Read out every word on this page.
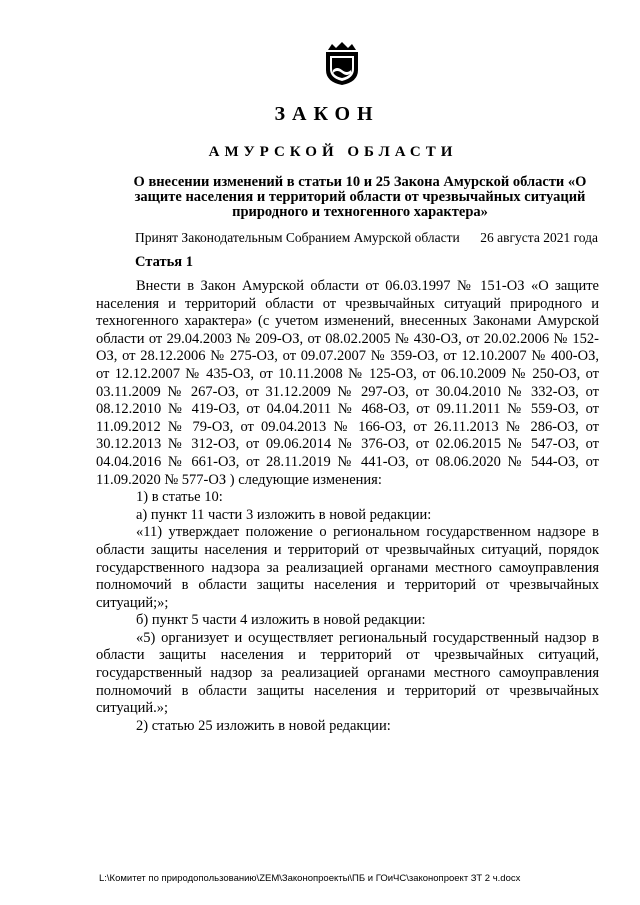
ЗАКОН
АМУРСКОЙ ОБЛАСТИ
О внесении изменений в статьи 10 и 25 Закона Амурской области «О защите населения и территорий области от чрезвычайных ситуаций природного и техногенного характера»
Принят Законодательным Собранием Амурской области 26 августа 2021 года
Статья 1

Внести в Закон Амурской области от 06.03.1997 № 151-ОЗ «О защите населения и территорий области от чрезвычайных ситуаций природного и техногенного характера» (с учетом изменений, внесенных Законами Амурской области от 29.04.2003 № 209-ОЗ, от 08.02.2005 № 430-ОЗ, от 20.02.2006 № 152-ОЗ, от 28.12.2006 № 275-ОЗ, от 09.07.2007 № 359-ОЗ, от 12.10.2007 № 400-ОЗ, от 12.12.2007 № 435-ОЗ, от 10.11.2008 № 125-ОЗ, от 06.10.2009 № 250-ОЗ, от 03.11.2009 № 267-ОЗ, от 31.12.2009 № 297-ОЗ, от 30.04.2010 № 332-ОЗ, от 08.12.2010 № 419-ОЗ, от 04.04.2011 № 468-ОЗ, от 09.11.2011 № 559-ОЗ, от 11.09.2012 № 79-ОЗ, от 09.04.2013 № 166-ОЗ, от 26.11.2013 № 286-ОЗ, от 30.12.2013 № 312-ОЗ, от 09.06.2014 № 376-ОЗ, от 02.06.2015 № 547-ОЗ, от 04.04.2016 № 661-ОЗ, от 28.11.2019 № 441-ОЗ, от 08.06.2020 № 544-ОЗ, от 11.09.2020 № 577-ОЗ ) следующие изменения:

1) в статье 10:

а) пункт 11 части 3 изложить в новой редакции:

«11) утверждает положение о региональном государственном надзоре в области защиты населения и территорий от чрезвычайных ситуаций, порядок государственного надзора за реализацией органами местного самоуправления полномочий в области защиты населения и территорий от чрезвычайных ситуаций;»;

б) пункт 5 части 4 изложить в новой редакции:

«5) организует и осуществляет региональный государственный надзор в области защиты населения и территорий от чрезвычайных ситуаций, государственный надзор за реализацией органами местного самоуправления полномочий в области защиты населения и территорий от чрезвычайных ситуаций.»;

2) статью 25 изложить в новой редакции:

L:\Комитет по природопользованию\ZEM\Законопроекты\ПБ и ГОиЧС\законопроект ЗТ 2 ч.docx
